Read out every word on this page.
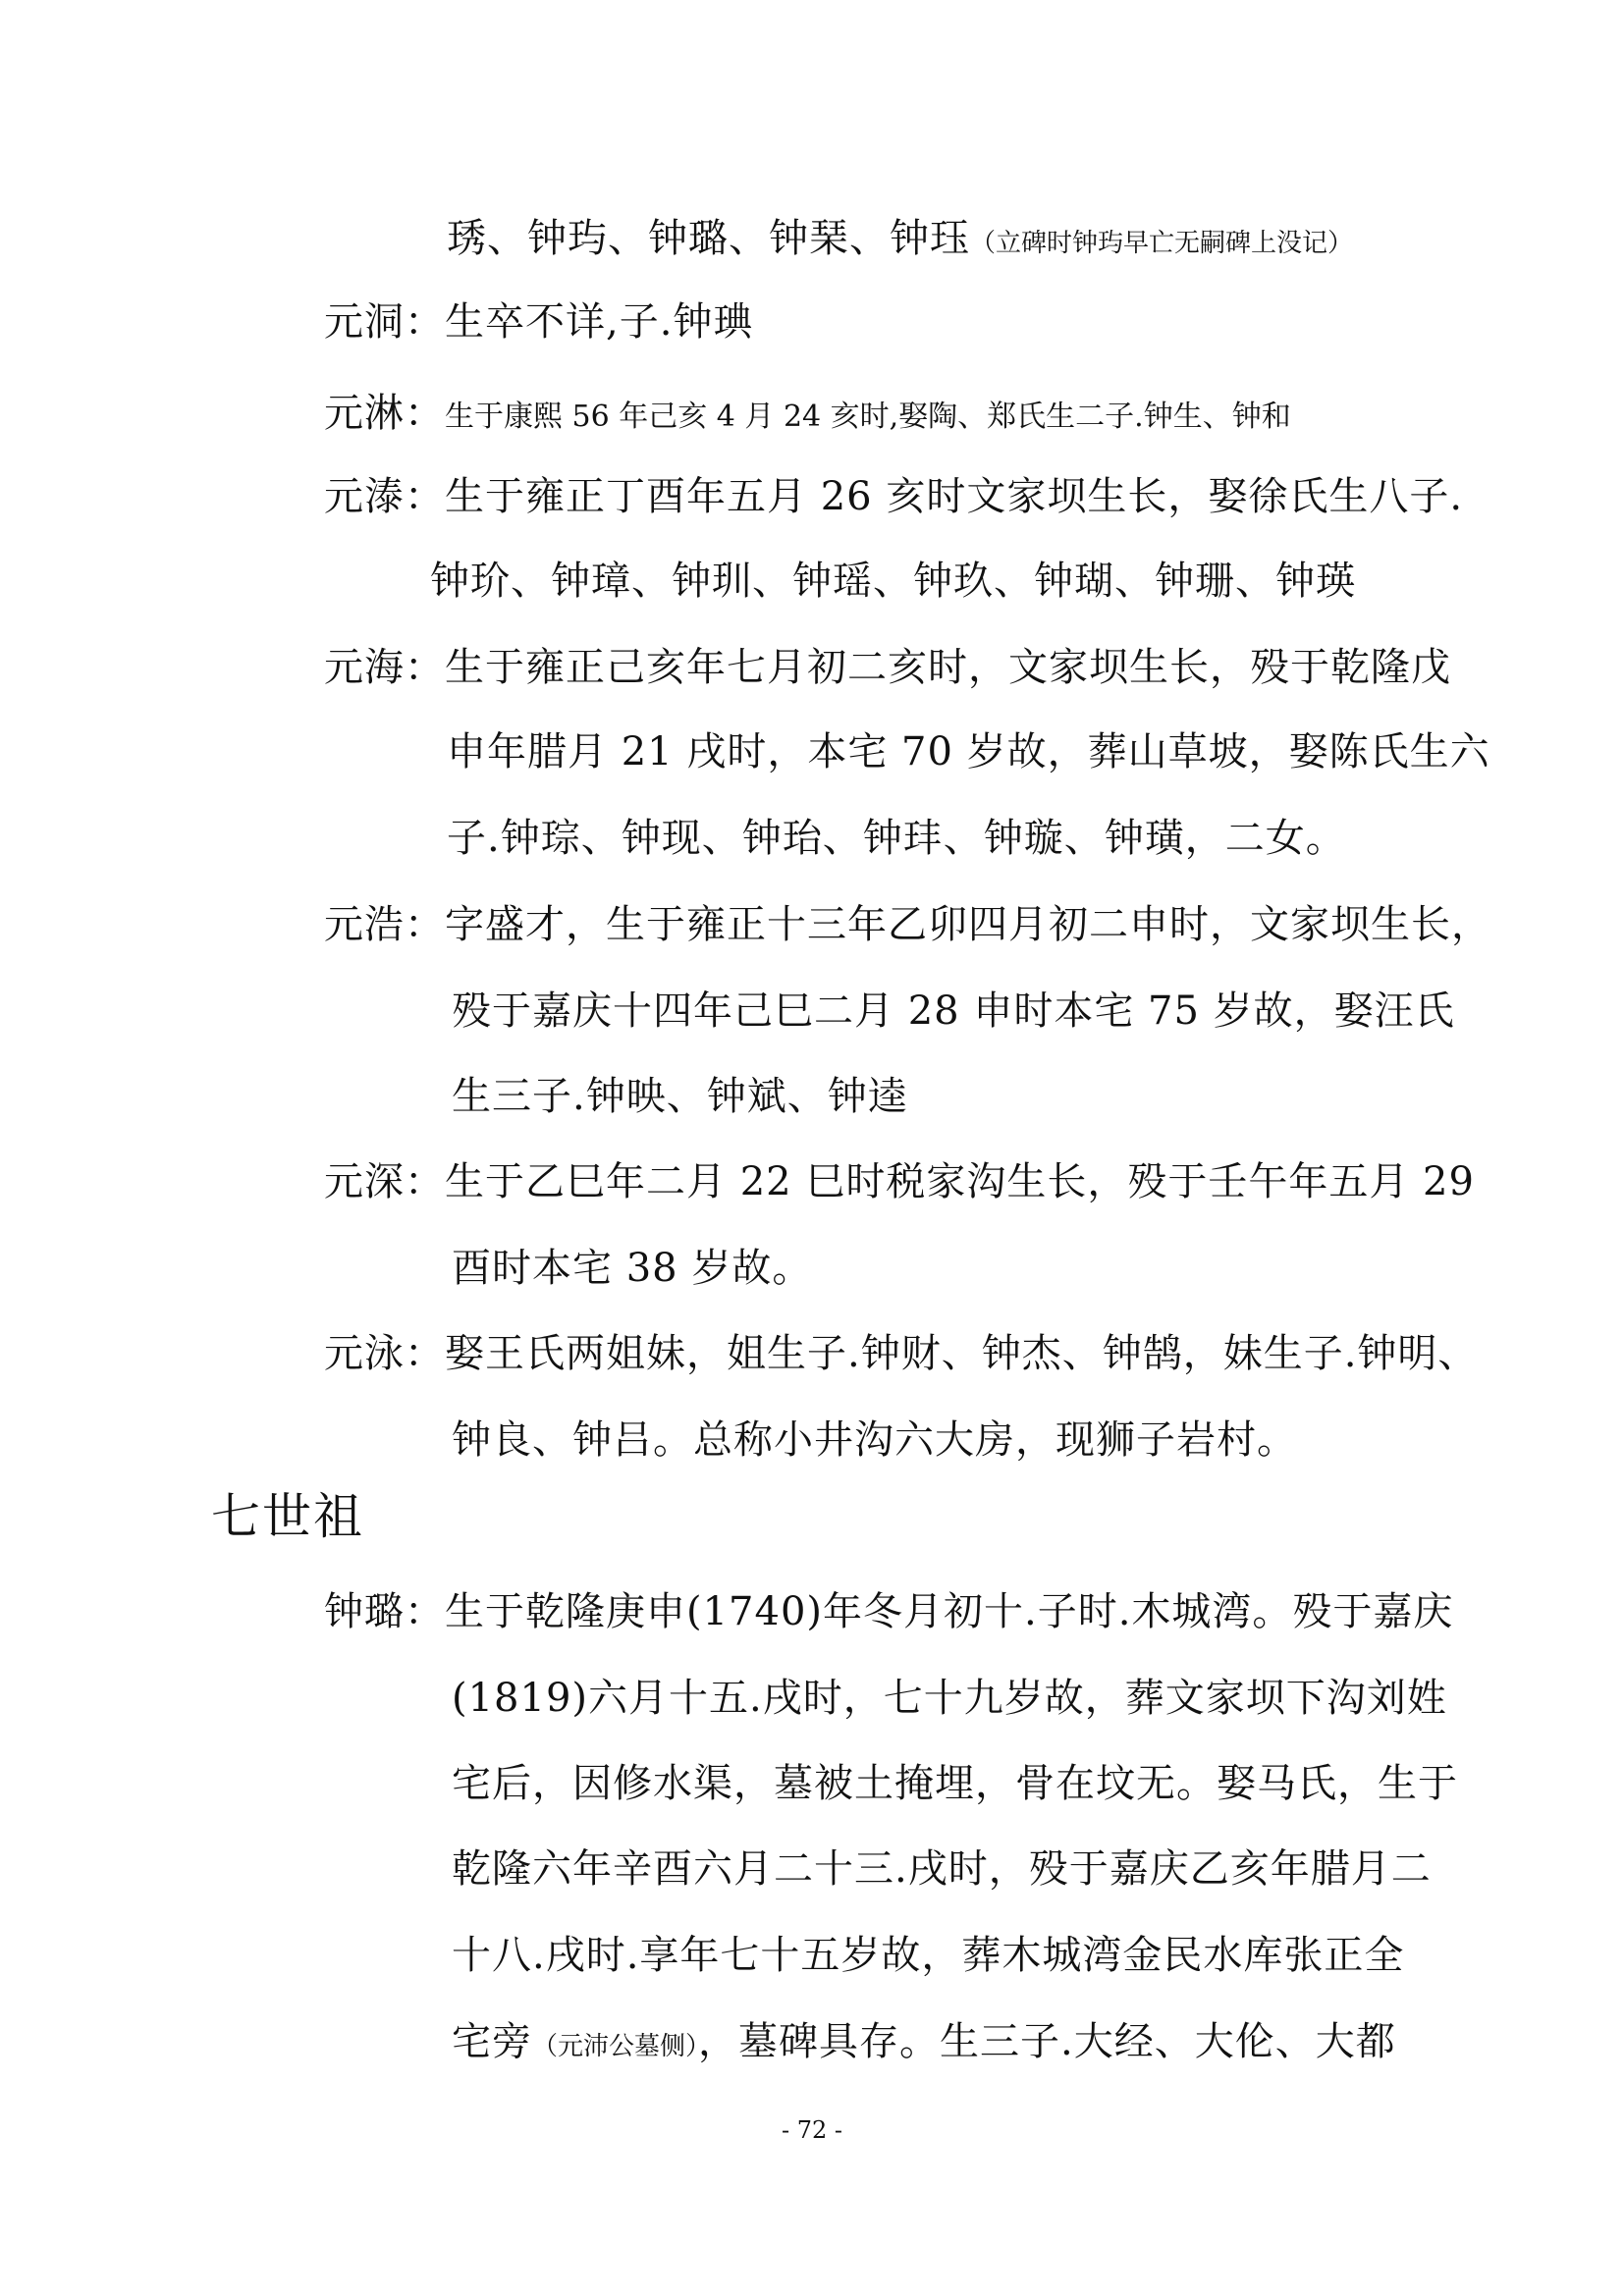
琇、钟玙、钟璐、钟琹、钟珏（立碑时钟玙早亡无嗣碑上没记）
元洞：生卒不详,子.钟琠
元淋：生于康熙 56 年己亥 4 月 24 亥时,娶陶、郑氏生二子.钟生、钟和
元溙：生于雍正丁酉年五月 26 亥时文家坝生长，娶徐氏生八子.
钟玠、钟璋、钟玔、钟瑶、钟玖、钟瑚、钟珊、钟瑛
元海：生于雍正己亥年七月初二亥时，文家坝生长，殁于乾隆戊
申年腊月 21 戌时，本宅 70 岁故，葬山草坡，娶陈氏生六
子.钟琮、钟现、钟珆、钟玤、钟璇、钟璜，二女。
元浩：字盛才，生于雍正十三年乙卯四月初二申时，文家坝生长，
殁于嘉庆十四年己巳二月 28 申时本宅 75 岁故，娶汪氏
生三子.钟映、钟斌、钟逵
元深：生于乙巳年二月 22 巳时税家沟生长，殁于壬午年五月 29
酉时本宅 38 岁故。
元泳：娶王氏两姐妹，姐生子.钟财、钟杰、钟鹄，妹生子.钟明、
钟良、钟吕。总称小井沟六大房，现狮子岩村。
七世祖
钟璐：生于乾隆庚申(1740)年冬月初十.子时.木城湾。殁于嘉庆
(1819)六月十五.戌时，七十九岁故，葬文家坝下沟刘姓
宅后，因修水渠，墓被土掩埋，骨在坟无。娶马氏，生于
乾隆六年辛酉六月二十三.戌时，殁于嘉庆乙亥年腊月二
十八.戌时.享年七十五岁故，葬木城湾金民水库张正全
宅旁（元沛公墓侧），墓碑具存。生三子.大经、大伦、大都
- 72 -
